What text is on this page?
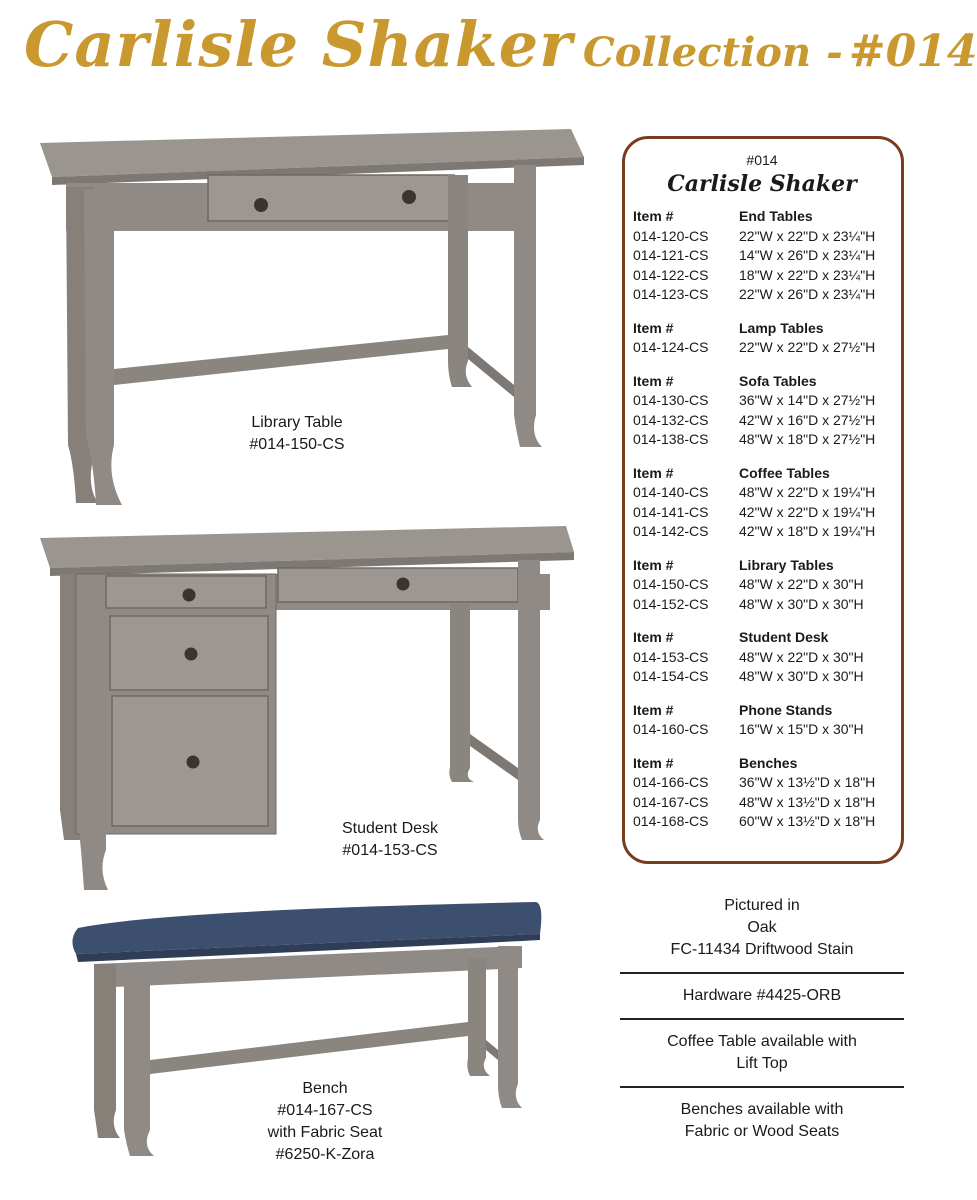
Carlisle Shaker Collection - #014
Library Table
#014-150-CS
Student Desk
#014-153-CS
Bench
#014-167-CS
with Fabric Seat
#6250-K-Zora
#014
Carlisle Shaker
Item #	End Tables
014-120-CS	22"W x 22"D x 23¼"H
014-121-CS	14"W x 26"D x 23¼"H
014-122-CS	18"W x 22"D x 23¼"H
014-123-CS	22"W x 26"D x 23¼"H
Item #	Lamp Tables
014-124-CS	22"W x 22"D x 27½"H
Item #	Sofa Tables
014-130-CS	36"W x 14"D x 27½"H
014-132-CS	42"W x 16"D x 27½"H
014-138-CS	48"W x 18"D x 27½"H
Item #	Coffee Tables
014-140-CS	48"W x 22"D x 19¼"H
014-141-CS	42"W x 22"D x 19¼"H
014-142-CS	42"W x 18"D x 19¼"H
Item #	Library Tables
014-150-CS	48"W x 22"D x 30"H
014-152-CS	48"W x 30"D x 30"H
Item #	Student Desk
014-153-CS	48"W x 22"D x 30"H
014-154-CS	48"W x 30"D x 30"H
Item #	Phone Stands
014-160-CS	16"W x 15"D x 30"H
Item #	Benches
014-166-CS	36"W x 13½"D x 18"H
014-167-CS	48"W x 13½"D x 18"H
014-168-CS	60"W x 13½"D x 18"H
Pictured in
Oak
FC-11434 Driftwood Stain
Hardware #4425-ORB
Coffee Table available with
Lift Top
Benches available with
Fabric or Wood Seats
